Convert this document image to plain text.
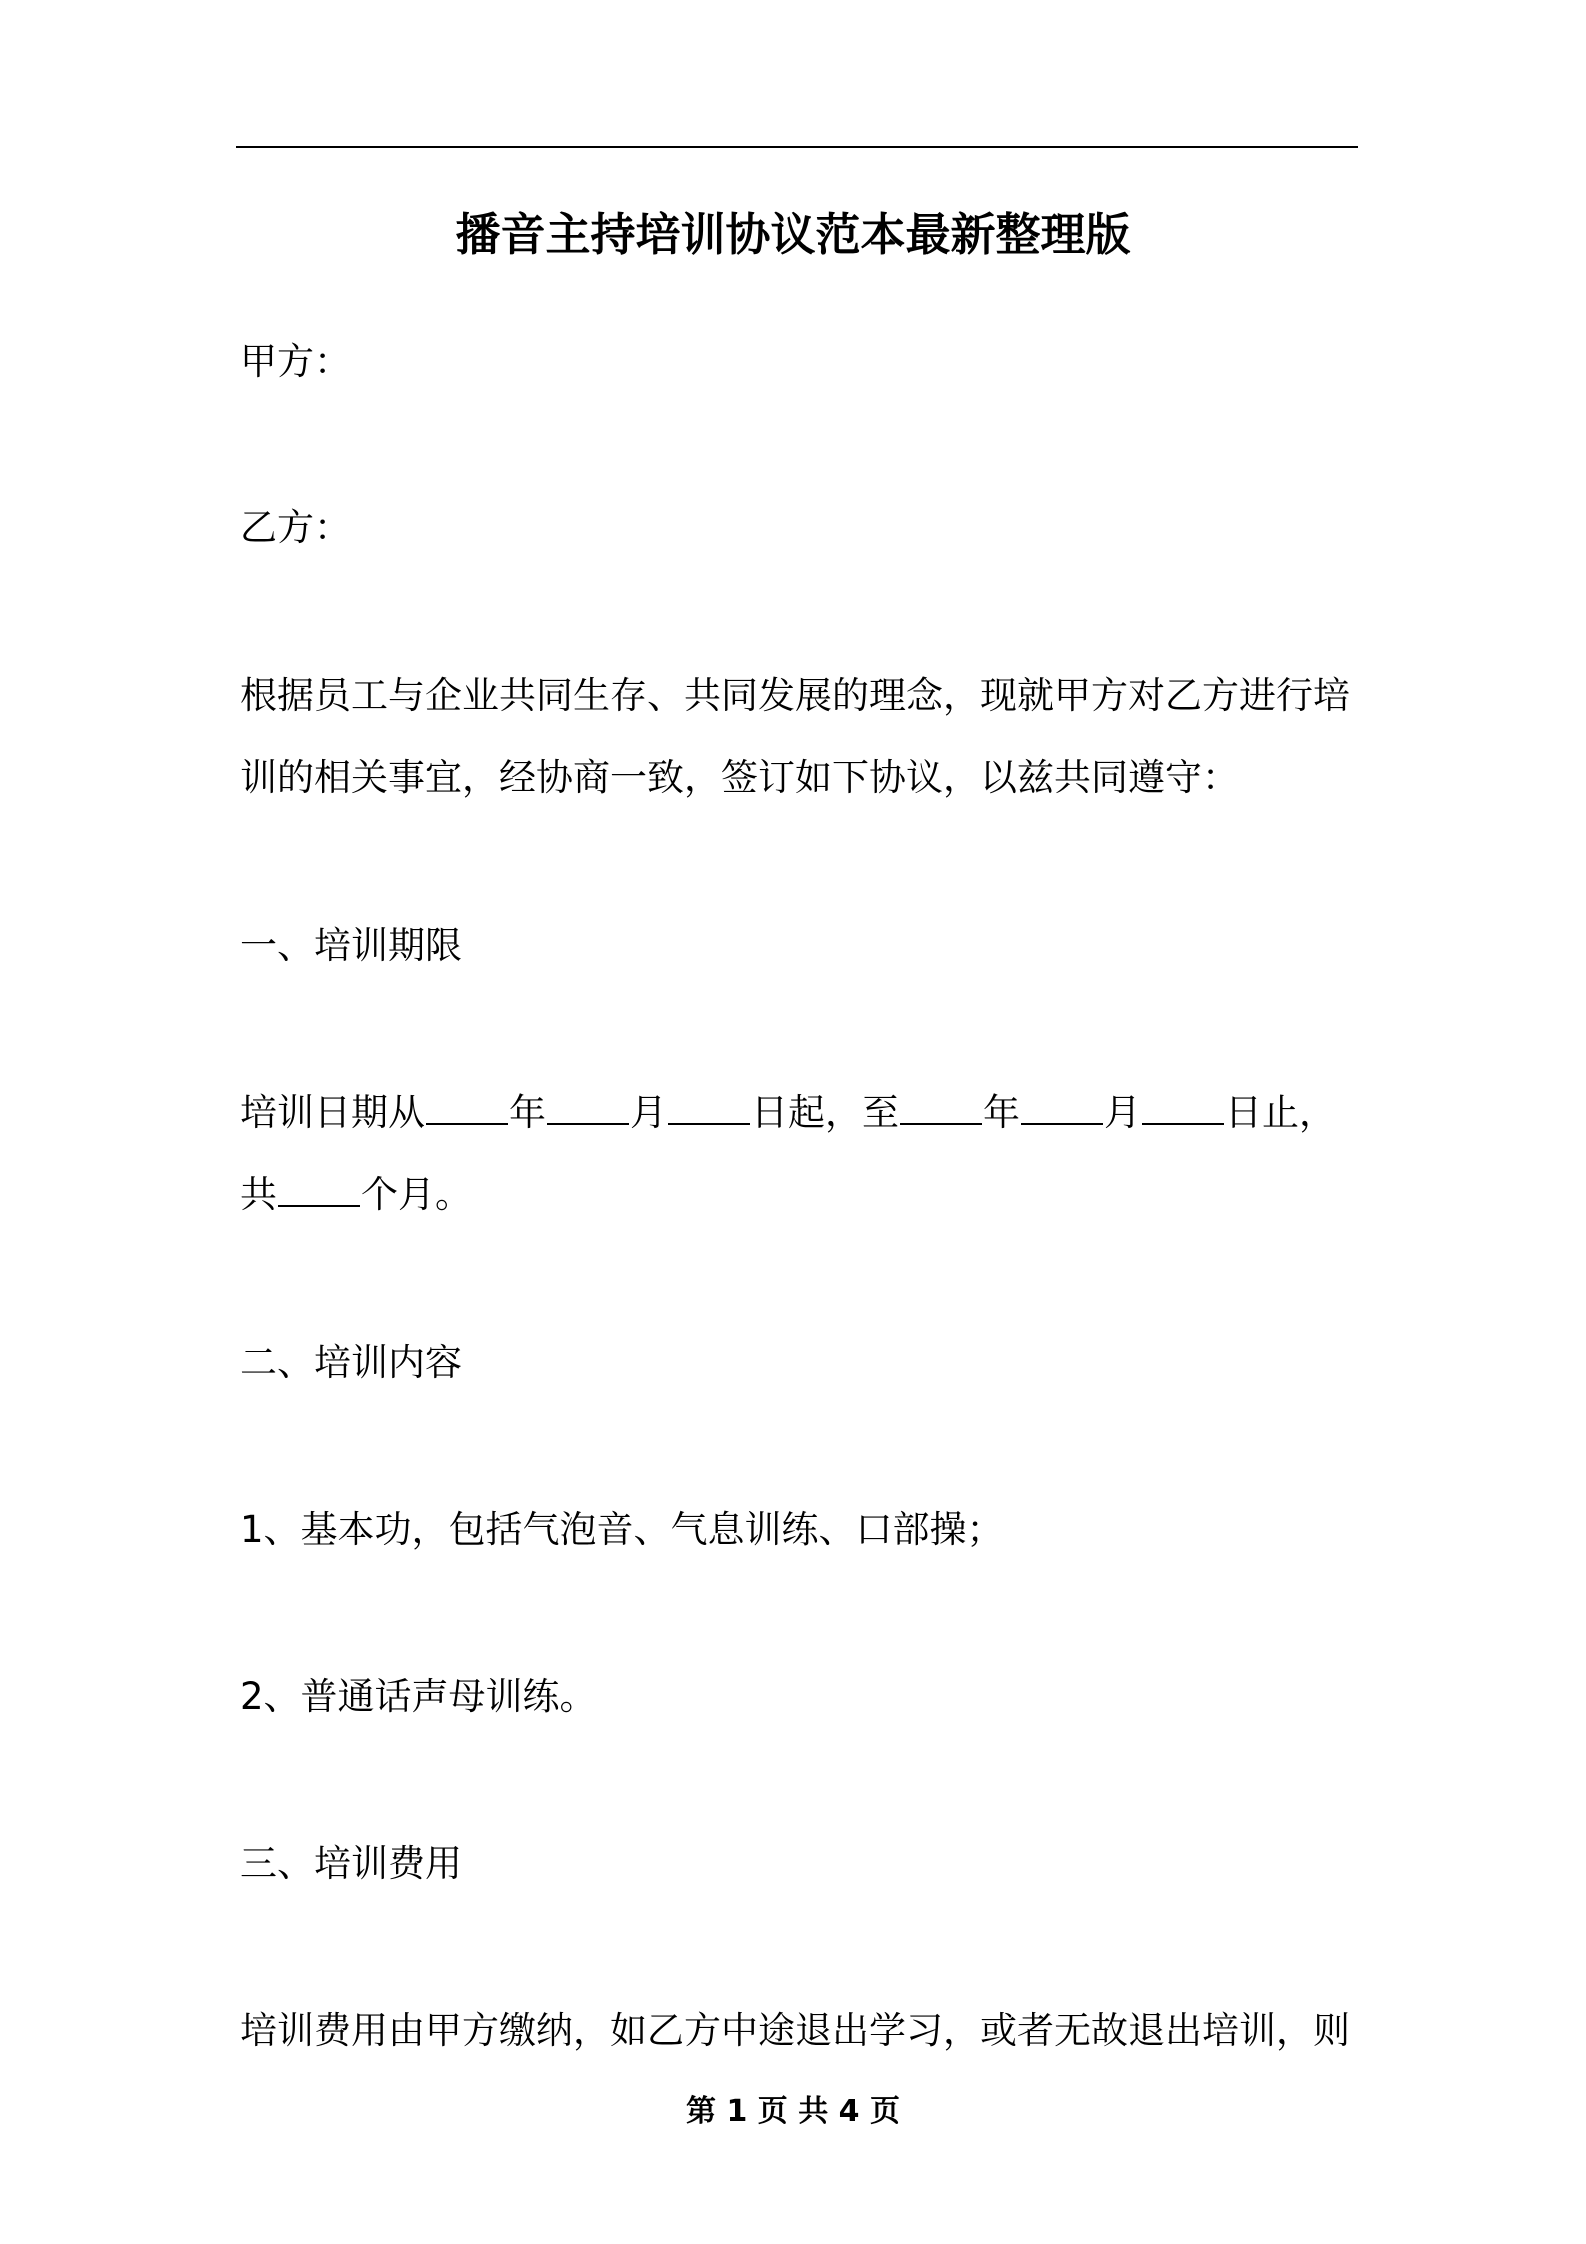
播音主持培训协议范本最新整理版
甲方：
乙方：
根据员工与企业共同生存、共同发展的理念，现就甲方对乙方进行培
训的相关事宜，经协商一致，签订如下协议，以兹共同遵守：
一、培训期限
培训日期从 年 月 日起，至 年 月 日止，
共 个月。
二、培训内容
1、基本功，包括气泡音、气息训练、口部操；
2、普通话声母训练。
三、培训费用
培训费用由甲方缴纳，如乙方中途退出学习，或者无故退出培训，则
第 1 页 共 4 页
